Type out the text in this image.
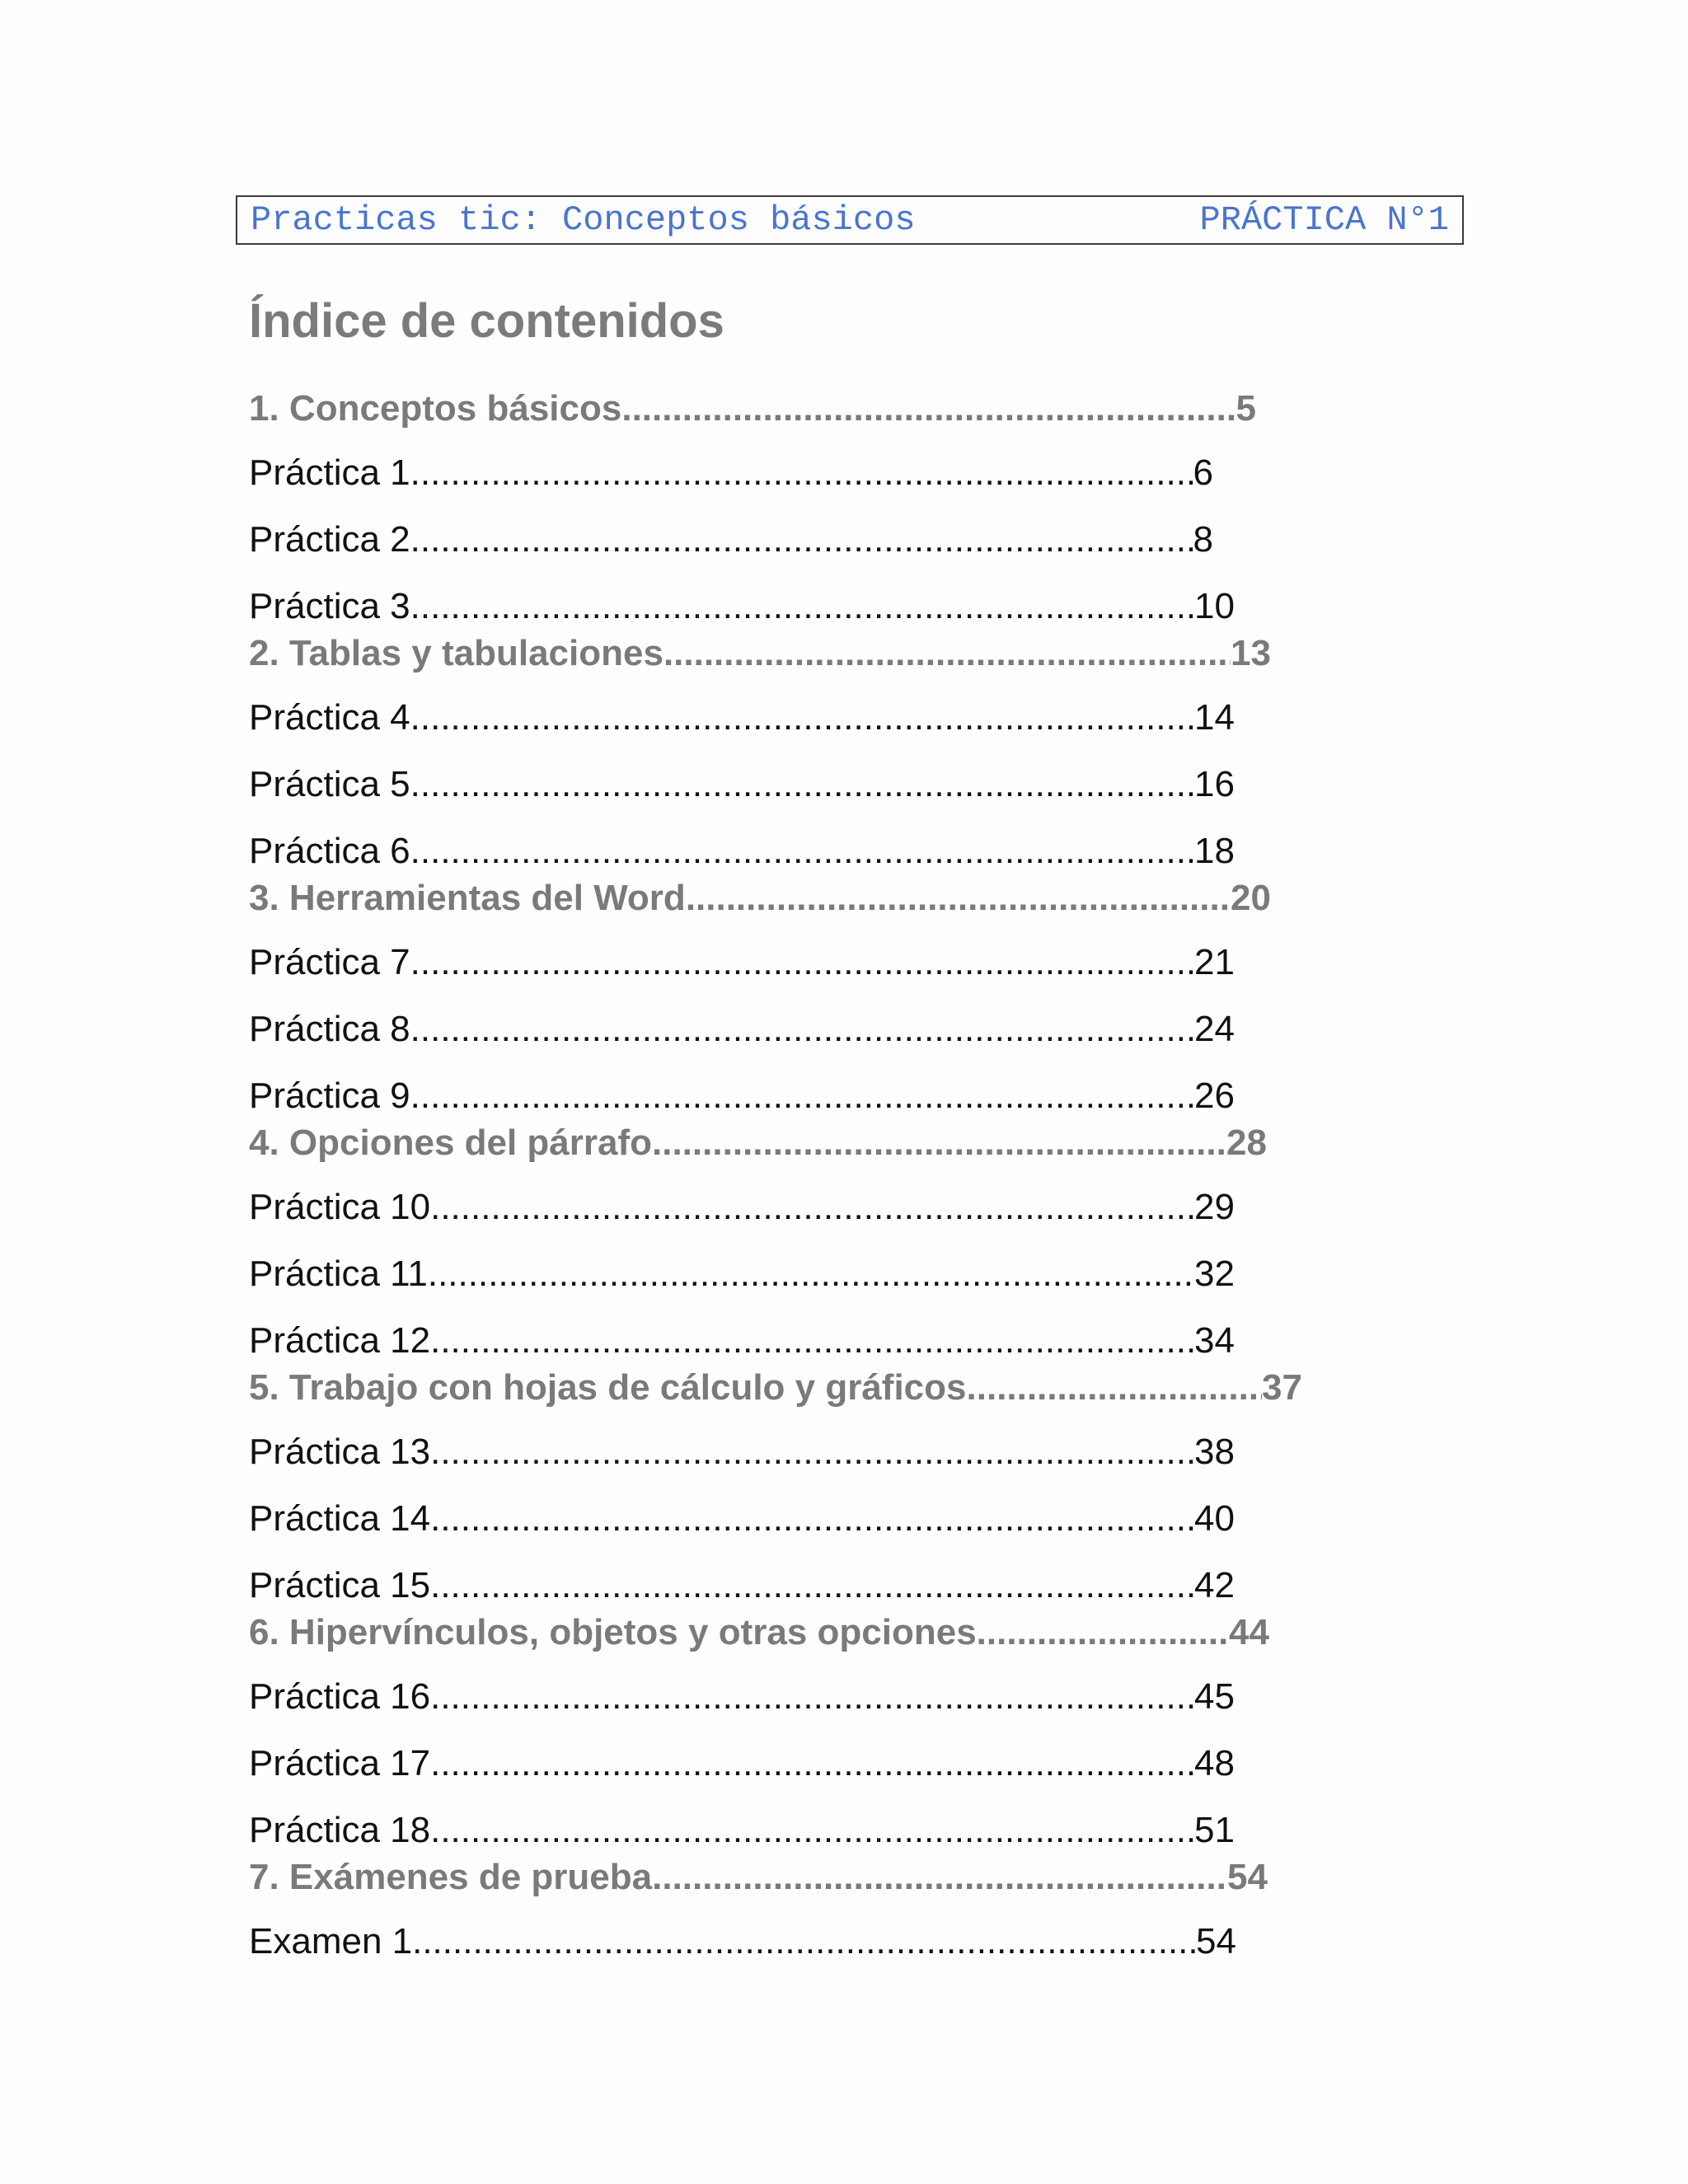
Practicas tic: Conceptos básicos	PRÁCTICA N°1
Índice de contenidos
1. Conceptos básicos .....	5
Práctica 1 .....	6
Práctica 2 .....	8
Práctica 3 .....	10
2. Tablas y tabulaciones .....	13
Práctica 4 .....	14
Práctica 5 .....	16
Práctica 6 .....	18
3. Herramientas del Word .....	20
Práctica 7 .....	21
Práctica 8 .....	24
Práctica 9 .....	26
4. Opciones del párrafo .....	28
Práctica 10 .....	29
Práctica 11 .....	32
Práctica 12 .....	34
5. Trabajo con hojas de cálculo y gráficos .....	37
Práctica 13 .....	38
Práctica 14 .....	40
Práctica 15 .....	42
6. Hipervínculos, objetos y otras opciones .....	44
Práctica 16 .....	45
Práctica 17 .....	48
Práctica 18 .....	51
7. Exámenes de prueba .....	54
Examen 1 .....	54
